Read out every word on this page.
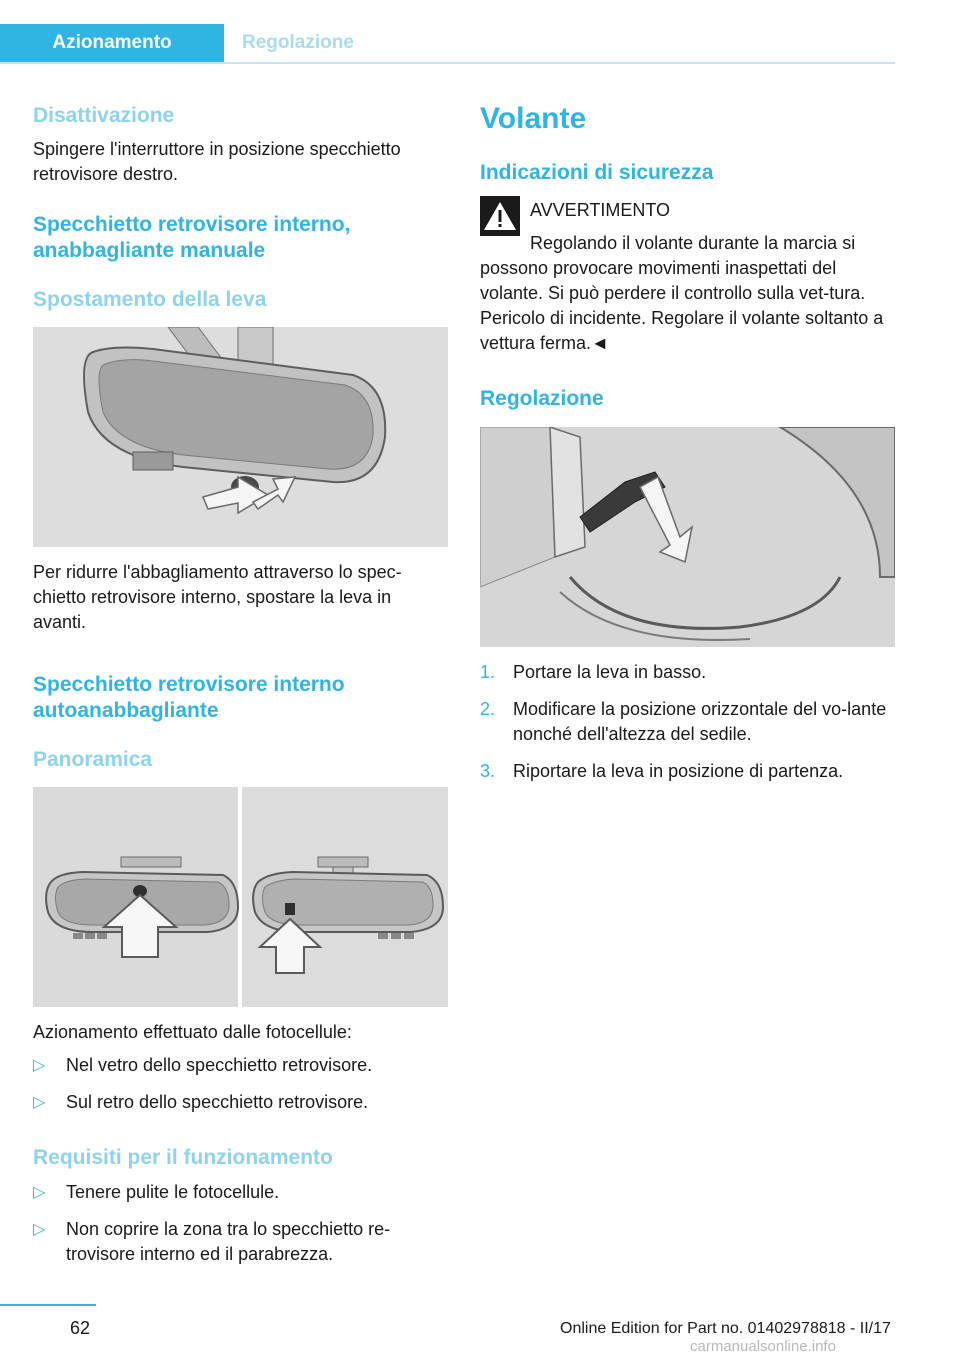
Azionamento	Regolazione
Disattivazione

Spingere l'interruttore in posizione specchietto retrovisore destro.

Specchietto retrovisore interno, anabbagliante manuale
Spostamento della leva

Per ridurre l'abbagliamento attraverso lo spec-chietto retrovisore interno, spostare la leva in avanti.

Specchietto retrovisore interno autoanabbagliante
Panoramica

Azionamento effettuato dalle fotocellule:

▷ Nel vetro dello specchietto retrovisore.
▷ Sul retro dello specchietto retrovisore.
Requisiti per il funzionamento
▷ Tenere pulite le fotocellule.
▷ Non coprire la zona tra lo specchietto re-trovisore interno ed il parabrezza.
Volante
Indicazioni di sicurezza
AVVERTIMENTO
Regolando il volante durante la marcia si
possono provocare movimenti inaspettati del volante. Si può perdere il controllo sulla vet-tura. Pericolo di incidente. Regolare il volante soltanto a vettura ferma.◄
Regolazione
1. Portare la leva in basso.
2. Modificare la posizione orizzontale del vo-lante nonché dell'altezza del sedile.
3. Riportare la leva in posizione di partenza.
62	Online Edition for Part no. 01402978818 - II/17
carmanualsonline.info
